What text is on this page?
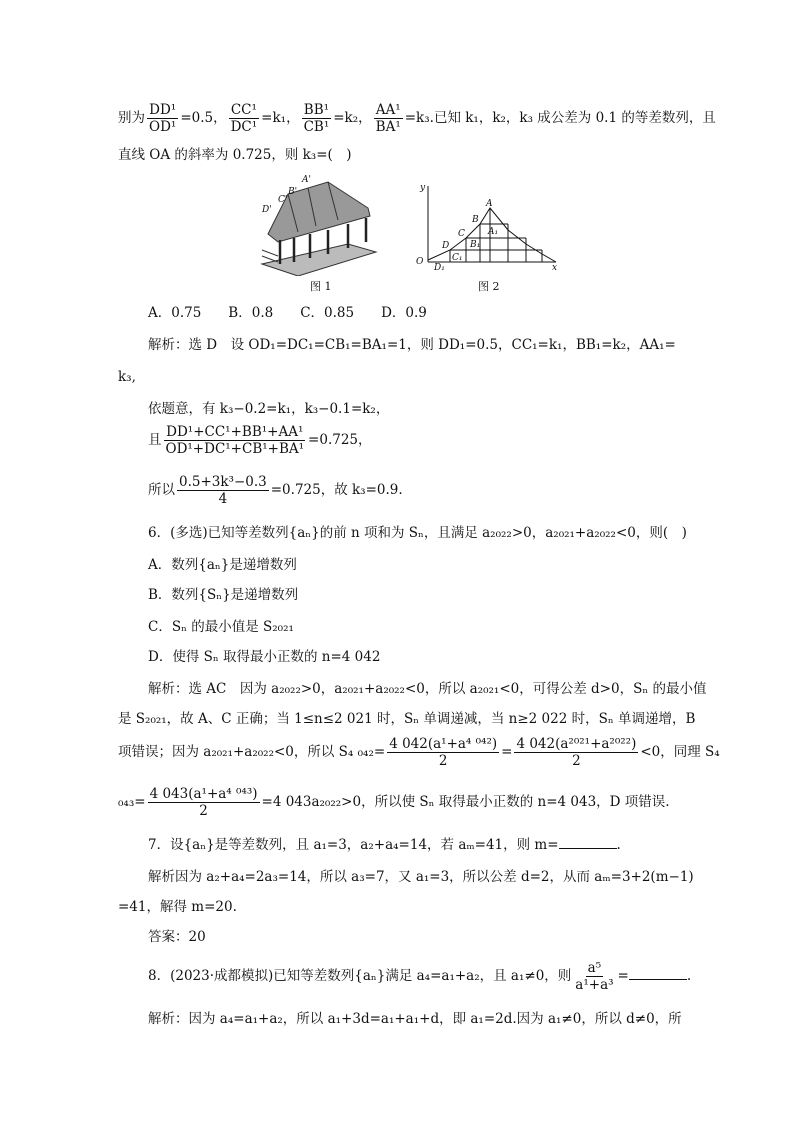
别为 $\frac{\text{DD¹}}{\text{OD¹}} =0.5$， $\frac{\text{CC¹}}{\text{DC¹}} =k_1$， $\frac{\text{BB¹}}{\text{CB¹}} =k_2$， $\frac{\text{AA¹}}{\text{BA¹}} =k_3$.已知 k₁，k₂，k₃ 成公差为 0.1 的等差数列，且
直线 OA 的斜率为 0.725，则 k₃=(　)
A'
B'
C'
D'
图 1
y
A
B
A₁
C
B₁
D
C₁
O
D₁	x
图 2
A．0.75　　B．0.8　　C．0.85　　D．0.9
解析：选 D　设 OD₁=DC₁=CB₁=BA₁=1，则 DD₁=0.5，CC₁=k₁，BB₁=k₂，AA₁=
k₃,
依题意，有 k₃−0.2=k₁，k₃−0.1=k₂，
且 $\frac{\text{DD¹+CC¹+BB¹+AA¹}}{\text{OD¹+DC¹+CB¹+BA¹}} =0.725$，
所以 $\frac{\text{0.5+3k³−0.3}}{4} =0.725$，故 k₃=0.9.
6．(多选)已知等差数列{aₙ}的前 n 项和为 Sₙ，且满足 a₂₀₂₂>0，a₂₀₂₁+a₂₀₂₂<0，则(　)
A．数列{aₙ}是递增数列
B．数列{Sₙ}是递增数列
C．Sₙ 的最小值是 S₂₀₂₁
D．使得 Sₙ 取得最小正数的 n=4 042
解析：选 AC　因为 a₂₀₂₂>0，a₂₀₂₁+a₂₀₂₂<0，所以 a₂₀₂₁<0，可得公差 d>0，Sₙ 的最小值
是 S₂₀₂₁，故 A、C 正确；当 1≤n≤2 021 时，Sₙ 单调递减，当 n≥2 022 时，Sₙ 单调递增，B
项错误；因为 a₂₀₂₁+a₂₀₂₂<0，所以 S₄ $_{042}= \frac{\text{4 042(a¹+a⁴ ⁰⁴²)}}{2} = \frac{\text{4 042(a²⁰²¹+a²⁰²²)}}{2} <0$，同理 S₄
$_{043}= \frac{\text{4 043(a¹+a⁴ ⁰⁴³)}}{2} =4$ 043a₂₀₂₂>0，所以使 Sₙ 取得最小正数的 n=4 043，D 项错误.
7．设{aₙ}是等差数列，且 a₁=3，a₂+a₄=14，若 aₘ=41，则 m=	.
解析因为 a₂+a₄=2a₃=14，所以 a₃=7，又 a₁=3，所以公差 d=2，从而 aₘ=3+2(m−1)
=41，解得 m=20.
答案：20
8．(2023·成都模拟)已知等差数列{aₙ}满足 a₄=a₁+a₂，且 a₁≠0，则 $\frac{\text{a⁵}}{\text{a¹+a³}}$ =	.
解析：因为 a₄=a₁+a₂，所以 a₁+3d=a₁+a₁+d，即 a₁=2d.因为 a₁≠0，所以 d≠0，所
